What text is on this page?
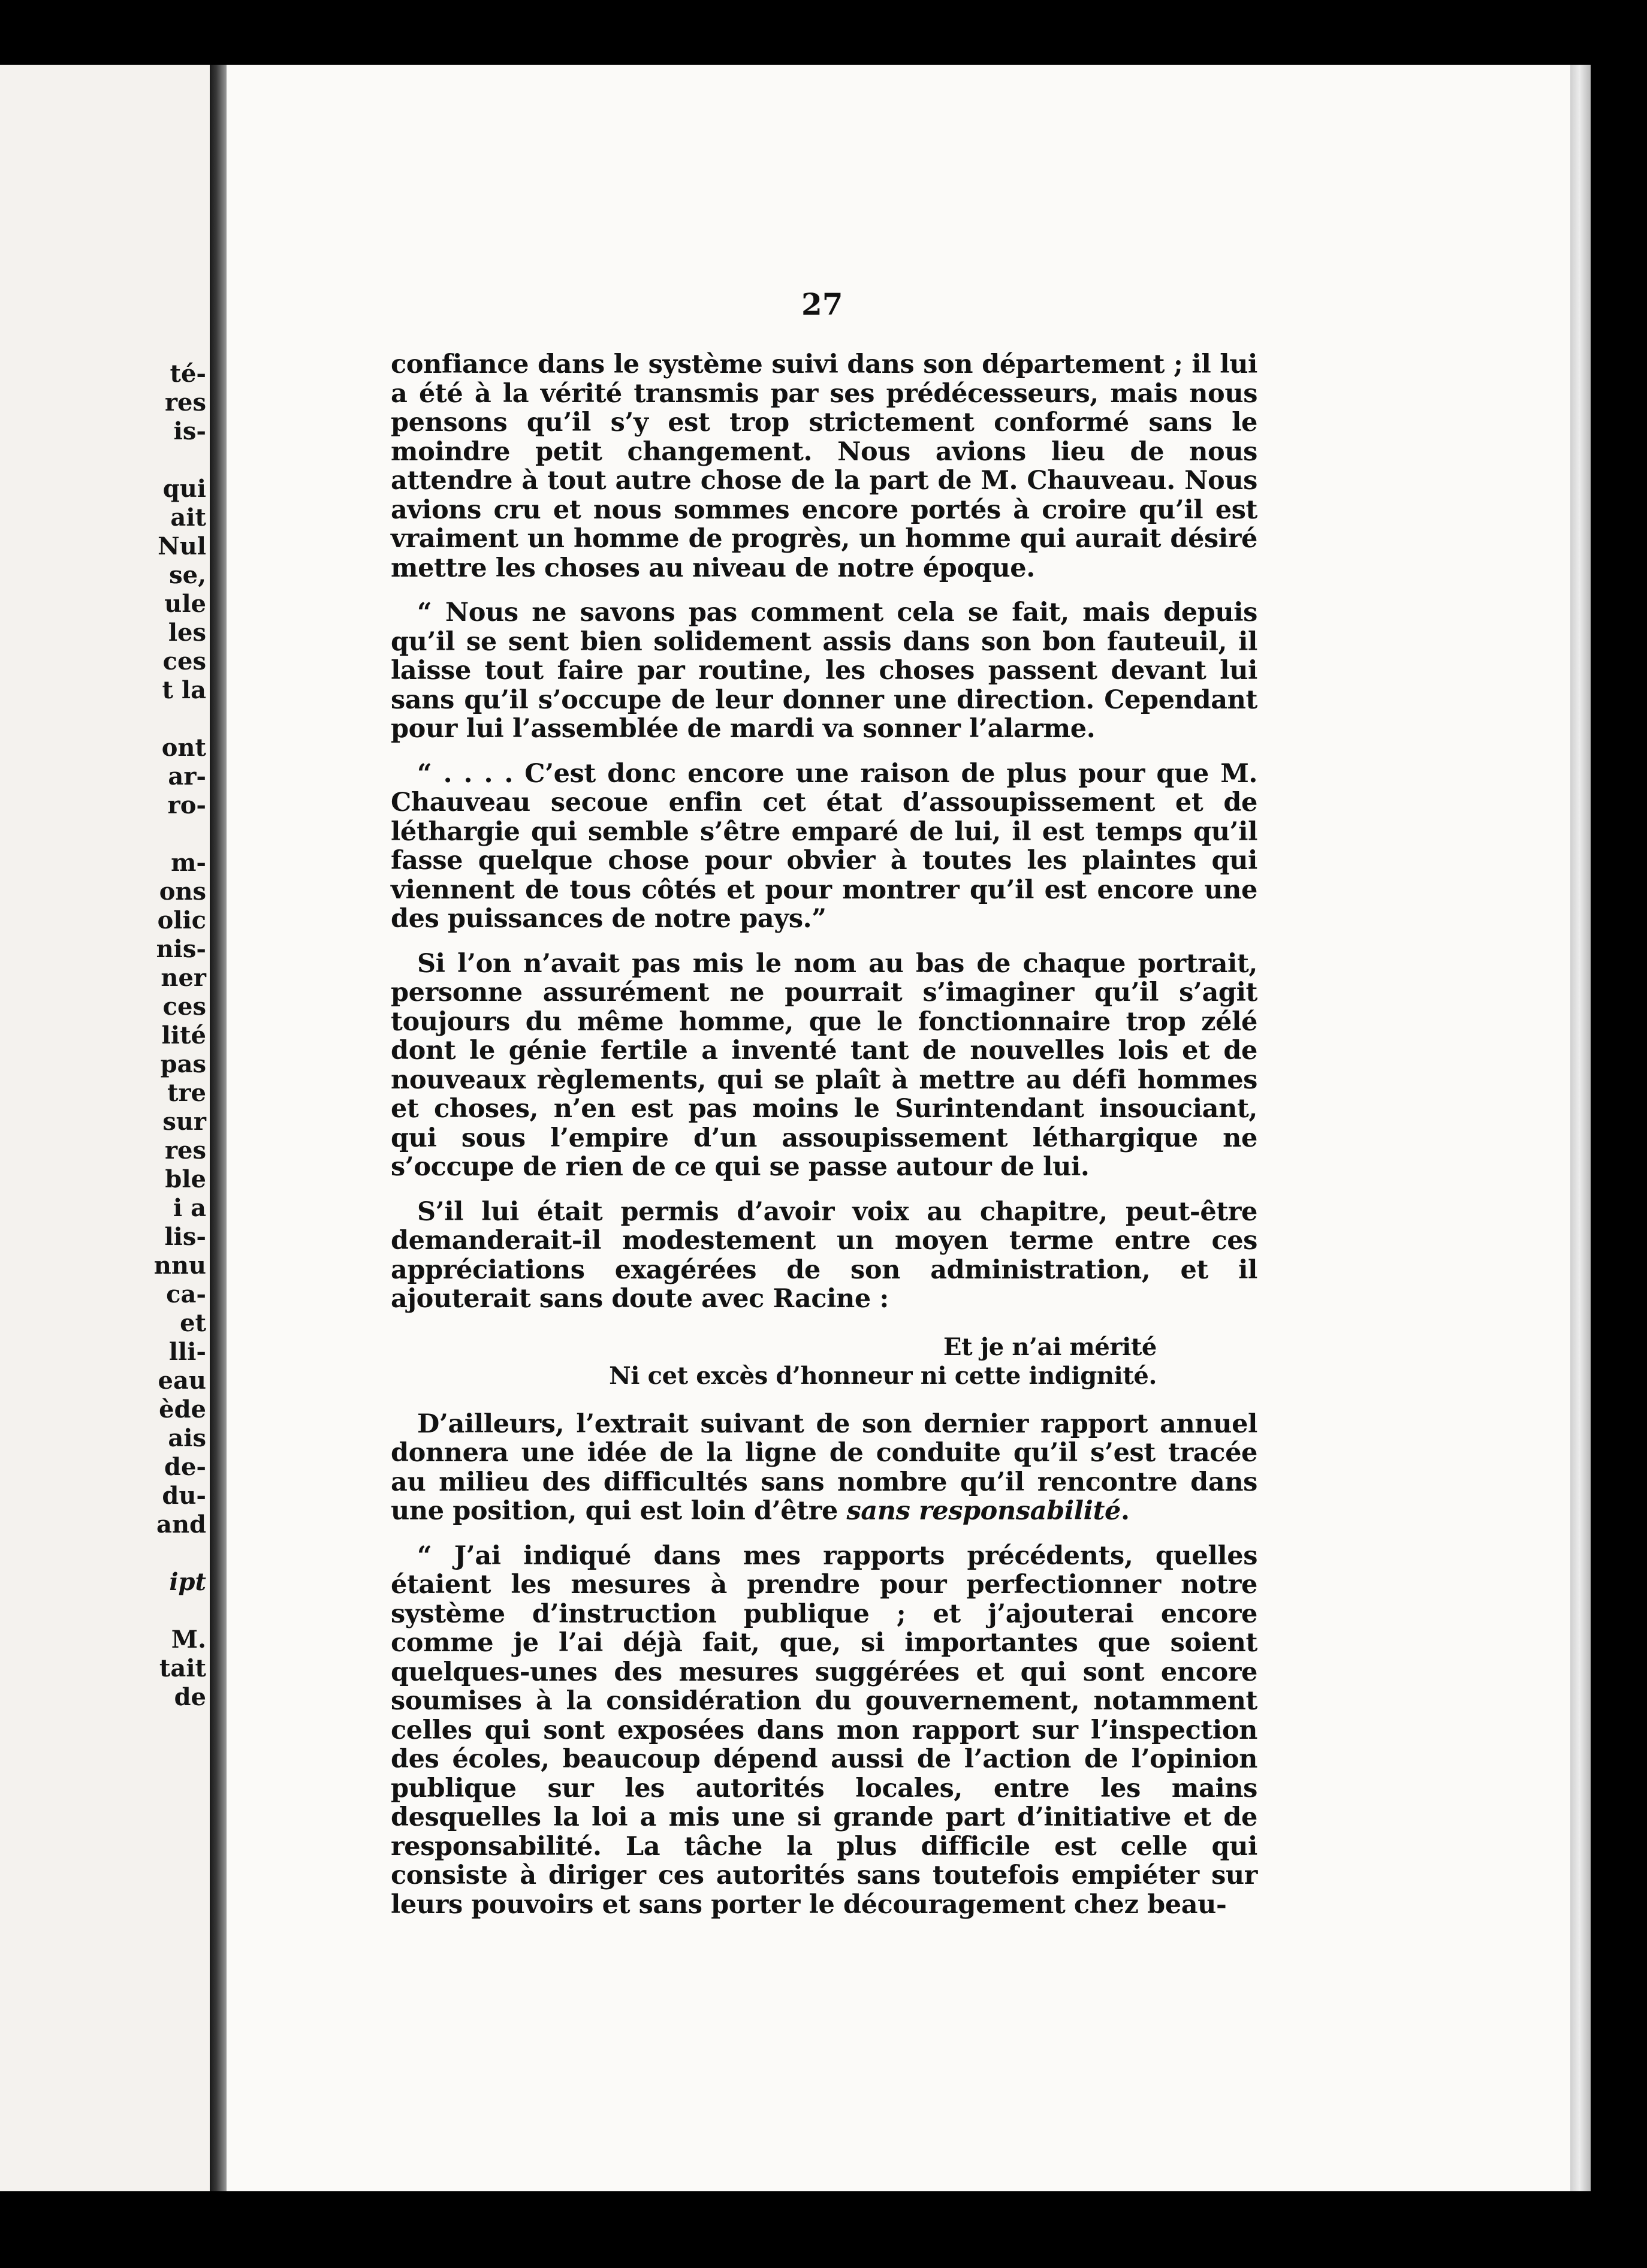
té-
res
is-
qui
ait
Nul
se,
ule
les
ces
t la
ont
ar-
ro-
m-
ons
olic
nis-
ner
ces
lité
pas
tre
sur
res
ble
i a
lis-
nnu
ca-
et
lli-
eau
ède
ais
de-
du-
and
ipt
M.
tait
de
27

confiance dans le système suivi dans son département ; il lui a été à la vérité transmis par ses prédécesseurs, mais nous pensons qu’il s’y est trop strictement conformé sans le moindre petit changement. Nous avions lieu de nous attendre à tout autre chose de la part de M. Chauveau. Nous avions cru et nous sommes encore portés à croire qu’il est vraiment un homme de progrès, un homme qui aurait désiré mettre les choses au niveau de notre époque.

“ Nous ne savons pas comment cela se fait, mais depuis qu’il se sent bien solidement assis dans son bon fauteuil, il laisse tout faire par routine, les choses passent devant lui sans qu’il s’occupe de leur donner une direction. Cependant pour lui l’assemblée de mardi va sonner l’alarme.

“ . . . . C’est donc encore une raison de plus pour que M. Chauveau secoue enfin cet état d’assoupissement et de léthargie qui semble s’être emparé de lui, il est temps qu’il fasse quelque chose pour obvier à toutes les plaintes qui viennent de tous côtés et pour montrer qu’il est encore une des puissances de notre pays.”

Si l’on n’avait pas mis le nom au bas de chaque portrait, personne assurément ne pourrait s’imaginer qu’il s’agit toujours du même homme, que le fonctionnaire trop zélé dont le génie fertile a inventé tant de nouvelles lois et de nouveaux règlements, qui se plaît à mettre au défi hommes et choses, n’en est pas moins le Surintendant insouciant, qui sous l’empire d’un assoupissement léthargique ne s’occupe de rien de ce qui se passe autour de lui.

S’il lui était permis d’avoir voix au chapitre, peut-être demanderait-il modestement un moyen terme entre ces appréciations exagérées de son administration, et il ajouterait sans doute avec Racine :

Et je n’ai mérité

Ni cet excès d’honneur ni cette indignité.

D’ailleurs, l’extrait suivant de son dernier rapport annuel donnera une idée de la ligne de conduite qu’il s’est tracée au milieu des difficultés sans nombre qu’il rencontre dans une position, qui est loin d’être sans responsabilité.

“ J’ai indiqué dans mes rapports précédents, quelles étaient les mesures à prendre pour perfectionner notre système d’instruction publique ; et j’ajouterai encore comme je l’ai déjà fait, que, si importantes que soient quelques-unes des mesures suggérées et qui sont encore soumises à la considération du gouvernement, notamment celles qui sont exposées dans mon rapport sur l’inspection des écoles, beaucoup dépend aussi de l’action de l’opinion publique sur les autorités locales, entre les mains desquelles la loi a mis une si grande part d’initiative et de responsabilité. La tâche la plus difficile est celle qui consiste à diriger ces autorités sans toutefois empiéter sur leurs pouvoirs et sans porter le découragement chez beau-
